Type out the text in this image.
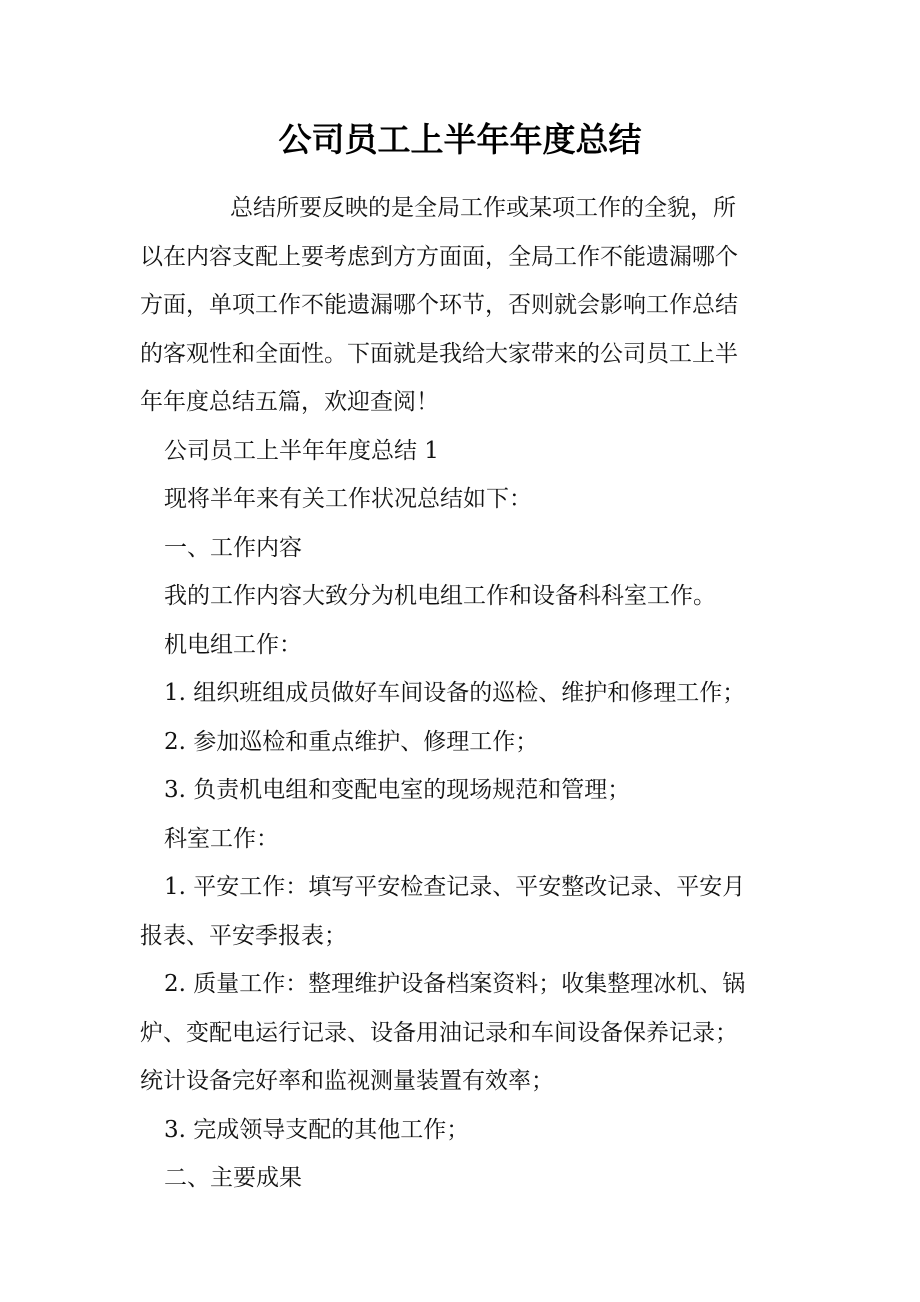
公司员工上半年年度总结

总结所要反映的是全局工作或某项工作的全貌，所

以在内容支配上要考虑到方方面面，全局工作不能遗漏哪个

方面，单项工作不能遗漏哪个环节，否则就会影响工作总结

的客观性和全面性。下面就是我给大家带来的公司员工上半

年年度总结五篇，欢迎查阅！

公司员工上半年年度总结 1

现将半年来有关工作状况总结如下：

一、工作内容

我的工作内容大致分为机电组工作和设备科科室工作。

机电组工作：

1. 组织班组成员做好车间设备的巡检、维护和修理工作；

2. 参加巡检和重点维护、修理工作；

3. 负责机电组和变配电室的现场规范和管理；

科室工作：

1. 平安工作：填写平安检查记录、平安整改记录、平安月

报表、平安季报表；

2. 质量工作：整理维护设备档案资料；收集整理冰机、锅

炉、变配电运行记录、设备用油记录和车间设备保养记录；

统计设备完好率和监视测量装置有效率；

3. 完成领导支配的其他工作；

二、主要成果
